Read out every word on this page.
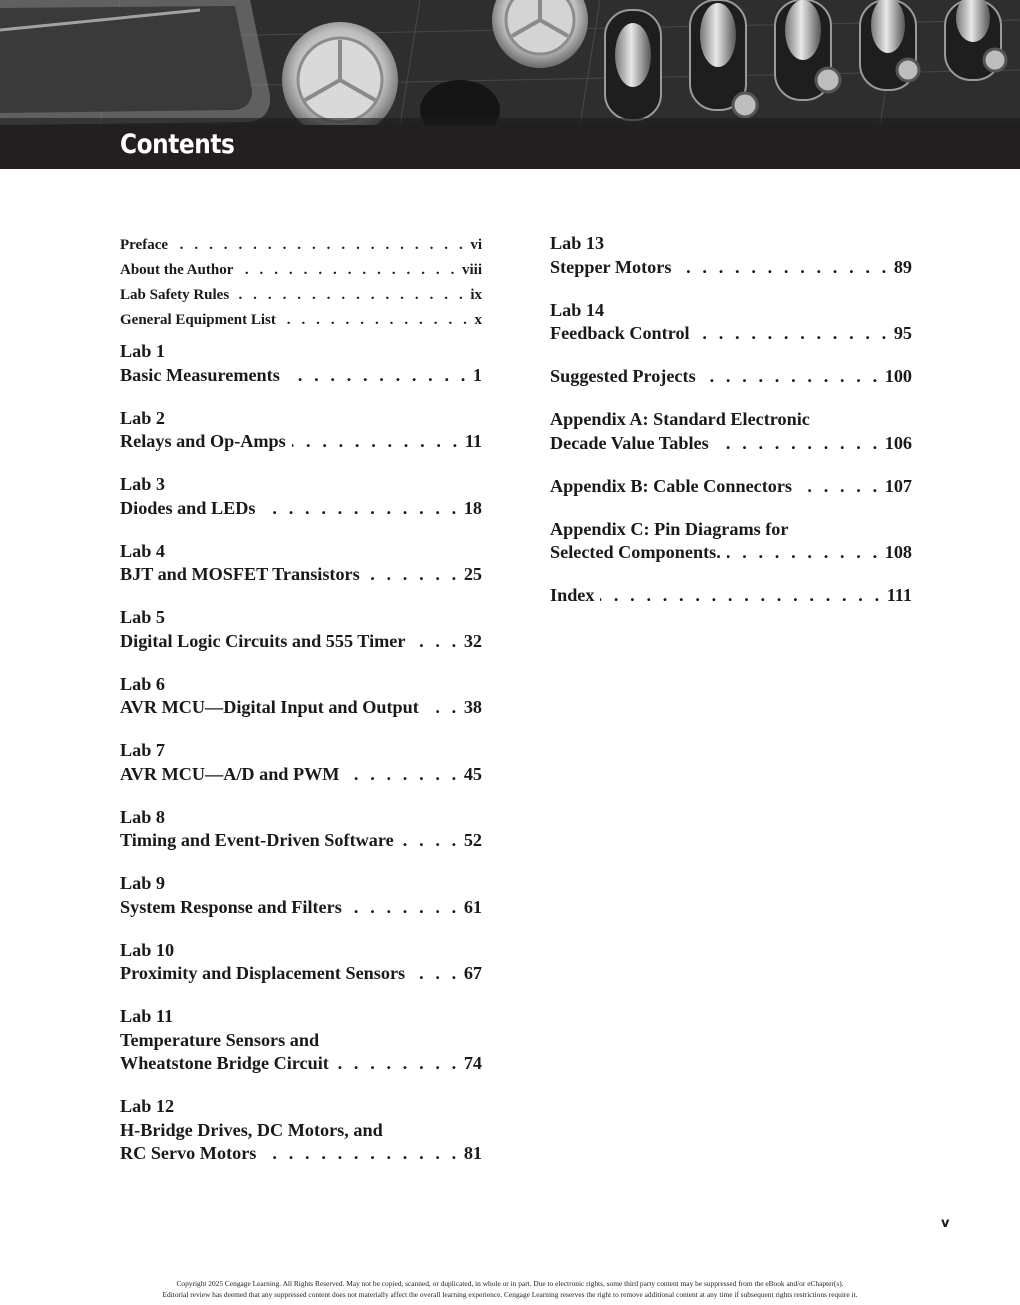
Contents
Preface . . .	vi
About the Author . . .	viii
Lab Safety Rules . . .	ix
General Equipment List . . .	x
Lab 1
Basic Measurements . . .	1
Lab 2
Relays and Op-Amps . . .	11
Lab 3
Diodes and LEDs . . .	18
Lab 4
BJT and MOSFET Transistors . . .	25
Lab 5
Digital Logic Circuits and 555 Timer . . .	32
Lab 6
AVR MCU—Digital Input and Output . . . 38
Lab 7
AVR MCU—A/D and PWM . . .	45
Lab 8
Timing and Event-Driven Software . . .	52
Lab 9
System Response and Filters . . .	61
Lab 10
Proximity and Displacement Sensors . . .	67
Lab 11
Temperature Sensors and
Wheatstone Bridge Circuit . . .	74
Lab 12
H-Bridge Drives, DC Motors, and
RC Servo Motors . . .	81
Lab 13
Stepper Motors . . .	89
Lab 14
Feedback Control . . .	95
Suggested Projects . . .	100
Appendix A: Standard Electronic
Decade Value Tables . . .	106
Appendix B: Cable Connectors . . .	107
Appendix C: Pin Diagrams for
Selected Components. . . .	108
Index . . .	111
v
Copyright 2025 Cengage Learning. All Rights Reserved. May not be copied, scanned, or duplicated, in whole or in part. Due to electronic rights, some third party content may be suppressed from the eBook and/or eChapter(s).
Editorial review has deemed that any suppressed content does not materially affect the overall learning experience. Cengage Learning reserves the right to remove additional content at any time if subsequent rights restrictions require it.
